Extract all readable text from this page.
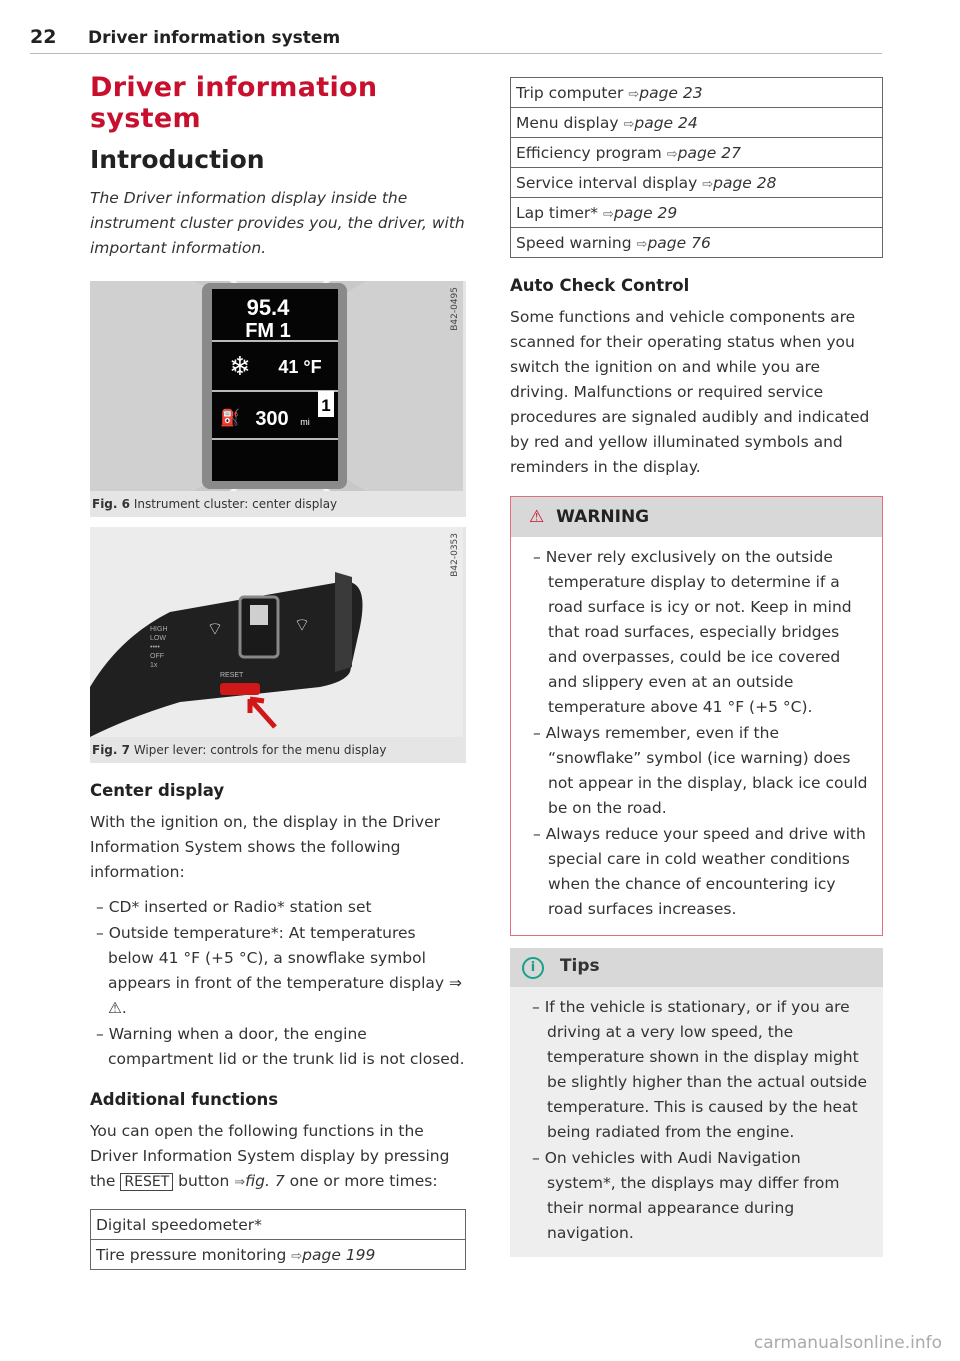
22 Driver information system
Driver information system
Introduction

The Driver information display inside the instrument cluster provides you, the driver, with important information.

95.4
FM 1
❄ 41 °F
⛽ 300 mi
1
B42-0495
Fig. 6 Instrument cluster: center display
⌔	⌔
HIGH
LOW
••••
OFF
1x
RESET
B42-0353
Fig. 7 Wiper lever: controls for the menu display
Center display

With the ignition on, the display in the Driver Information System shows the following information:

– CD* inserted or Radio* station set
– Outside temperature*: At temperatures below 41 °F (+5 °C), a snowflake symbol appears in front of the temperature display ⇒ ⚠.
– Warning when a door, the engine compartment lid or the trunk lid is not closed.
Additional functions

You can open the following functions in the Driver Information System display by pressing the RESET button ⇒fig. 7 one or more times:

Digital speedometer*
Tire pressure monitoring ⇨page 199
Trip computer ⇨page 23
Menu display ⇨page 24
Efficiency program ⇨page 27
Service interval display ⇨page 28
Lap timer* ⇨page 29
Speed warning ⇨page 76
Auto Check Control

Some functions and vehicle components are scanned for their operating status when you switch the ignition on and while you are driving. Malfunctions or required service procedures are signaled audibly and indicated by red and yellow illuminated symbols and reminders in the display.

⚠ WARNING
– Never rely exclusively on the outside temperature display to determine if a road surface is icy or not. Keep in mind that road surfaces, especially bridges and overpasses, could be ice covered and slippery even at an outside temperature above 41 °F (+5 °C).
– Always remember, even if the “snowflake” symbol (ice warning) does not appear in the display, black ice could be on the road.
– Always reduce your speed and drive with special care in cold weather conditions when the chance of encountering icy road surfaces increases.
i Tips
– If the vehicle is stationary, or if you are driving at a very low speed, the temperature shown in the display might be slightly higher than the actual outside temperature. This is caused by the heat being radiated from the engine.
– On vehicles with Audi Navigation system*, the displays may differ from their normal appearance during navigation.
carmanualsonline.info
